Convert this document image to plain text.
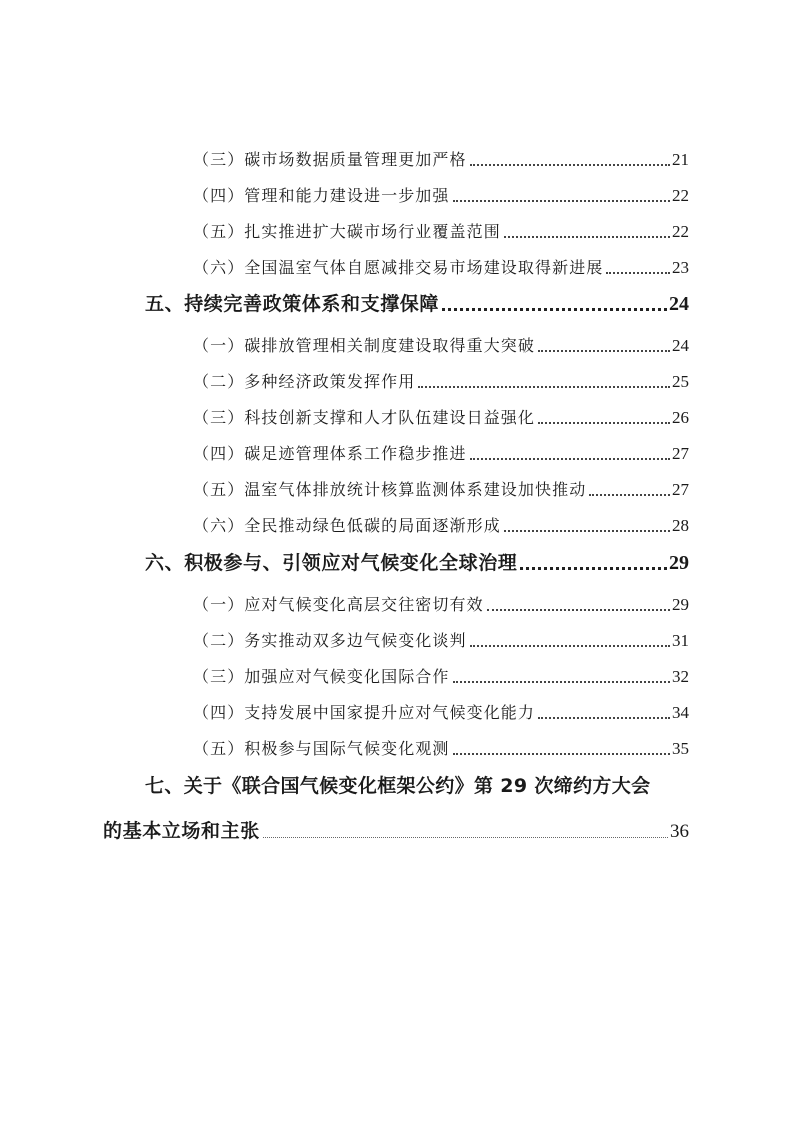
（三）碳市场数据质量管理更加严格	21
（四）管理和能力建设进一步加强	22
（五）扎实推进扩大碳市场行业覆盖范围	22
（六）全国温室气体自愿减排交易市场建设取得新进展	23
五、持续完善政策体系和支撑保障	24
（一）碳排放管理相关制度建设取得重大突破	24
（二）多种经济政策发挥作用	25
（三）科技创新支撑和人才队伍建设日益强化	26
（四）碳足迹管理体系工作稳步推进	27
（五）温室气体排放统计核算监测体系建设加快推动	27
（六）全民推动绿色低碳的局面逐渐形成	28
六、积极参与、引领应对气候变化全球治理	29
（一）应对气候变化高层交往密切有效	29
（二）务实推动双多边气候变化谈判	31
（三）加强应对气候变化国际合作	32
（四）支持发展中国家提升应对气候变化能力	34
（五）积极参与国际气候变化观测	35
七、关于《联合国气候变化框架公约》第 29 次缔约方大会
的基本立场和主张	36
